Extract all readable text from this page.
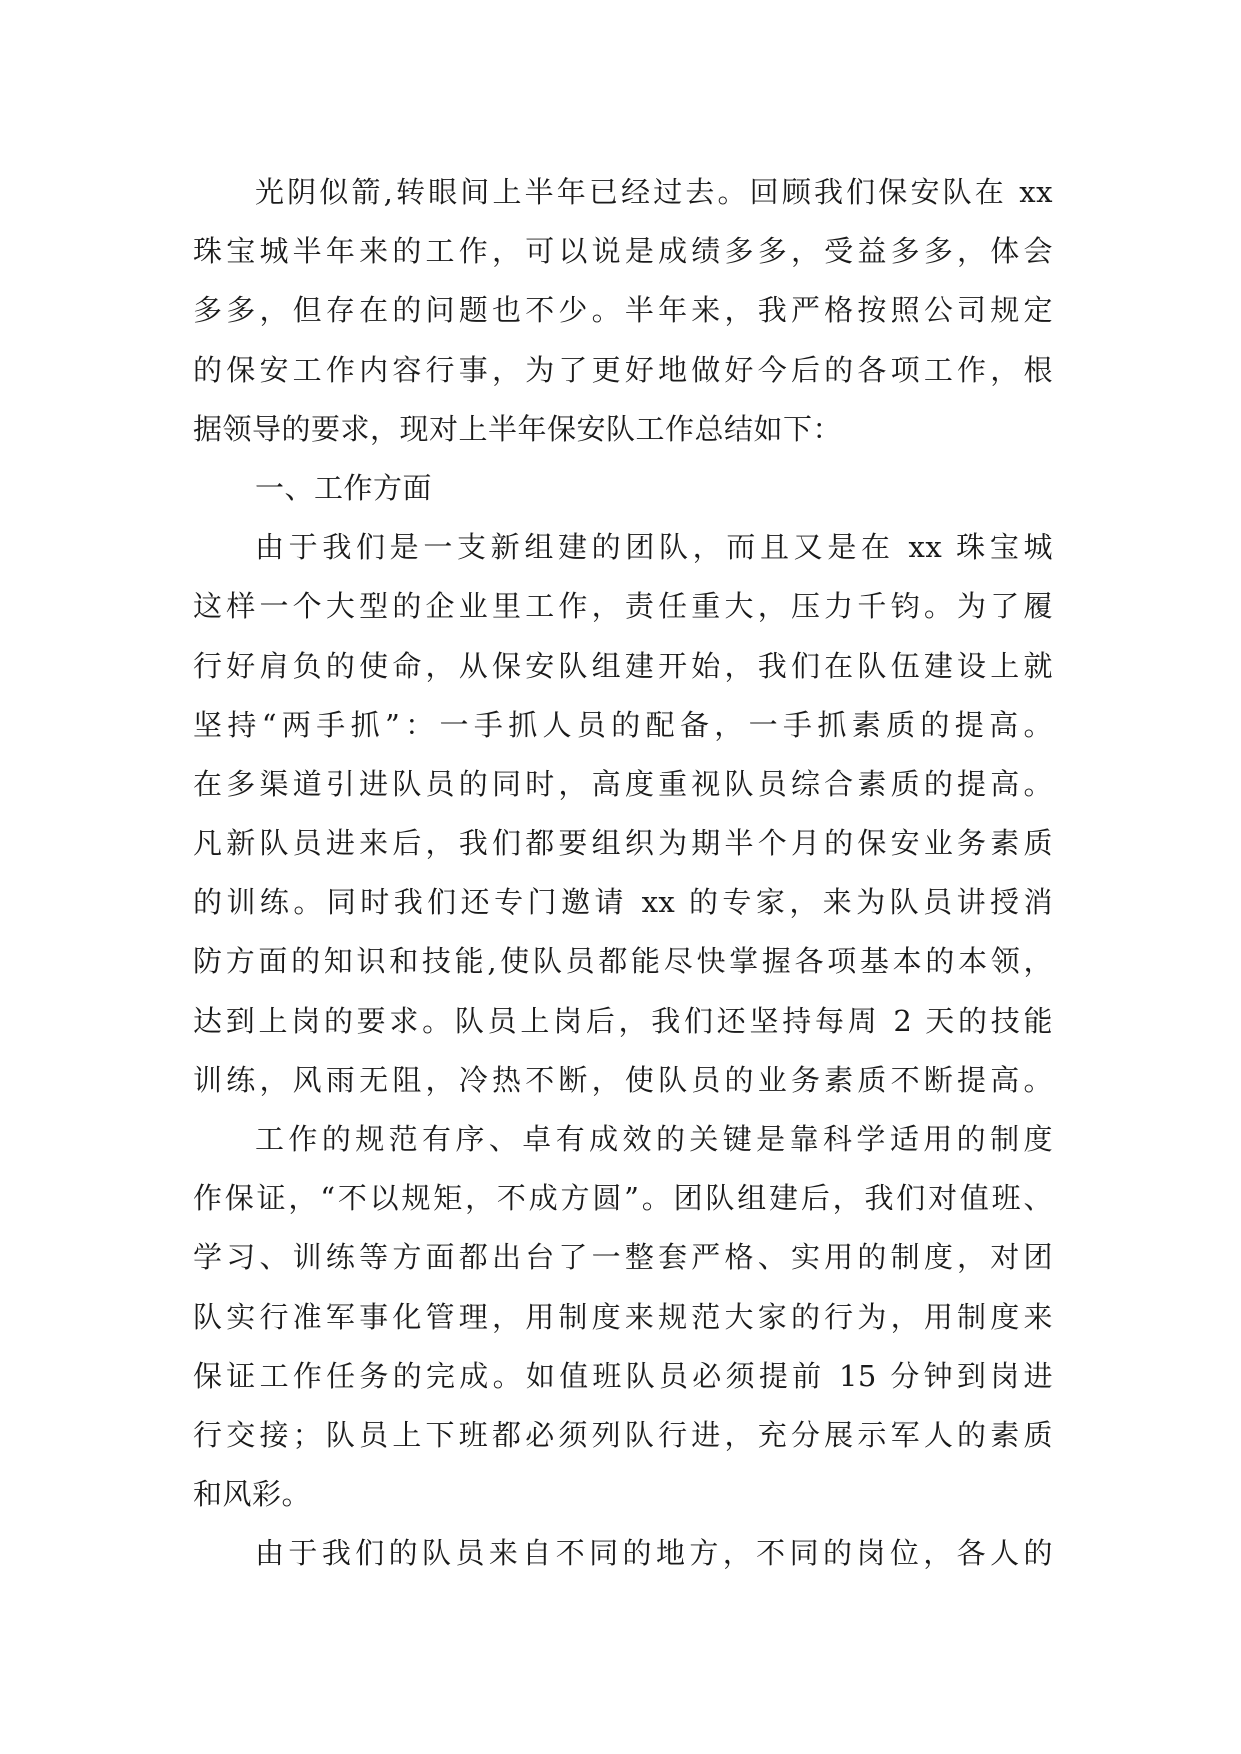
光阴似箭,转眼间上半年已经过去。回顾我们保安队在 xx
珠宝城半年来的工作，可以说是成绩多多，受益多多，体会
多多，但存在的问题也不少。半年来，我严格按照公司规定
的保安工作内容行事，为了更好地做好今后的各项工作，根
据领导的要求，现对上半年保安队工作总结如下：
一、工作方面
由于我们是一支新组建的团队，而且又是在 xx 珠宝城
这样一个大型的企业里工作，责任重大，压力千钧。为了履
行好肩负的使命，从保安队组建开始，我们在队伍建设上就
坚持“两手抓”：一手抓人员的配备，一手抓素质的提高。
在多渠道引进队员的同时，高度重视队员综合素质的提高。
凡新队员进来后，我们都要组织为期半个月的保安业务素质
的训练。同时我们还专门邀请 xx 的专家，来为队员讲授消
防方面的知识和技能,使队员都能尽快掌握各项基本的本领，
达到上岗的要求。队员上岗后，我们还坚持每周 2 天的技能
训练，风雨无阻，冷热不断，使队员的业务素质不断提高。
工作的规范有序、卓有成效的关键是靠科学适用的制度
作保证，“不以规矩，不成方圆”。团队组建后，我们对值班、
学习、训练等方面都出台了一整套严格、实用的制度，对团
队实行准军事化管理，用制度来规范大家的行为，用制度来
保证工作任务的完成。如值班队员必须提前 15 分钟到岗进
行交接；队员上下班都必须列队行进，充分展示军人的素质
和风彩。
由于我们的队员来自不同的地方，不同的岗位，各人的
